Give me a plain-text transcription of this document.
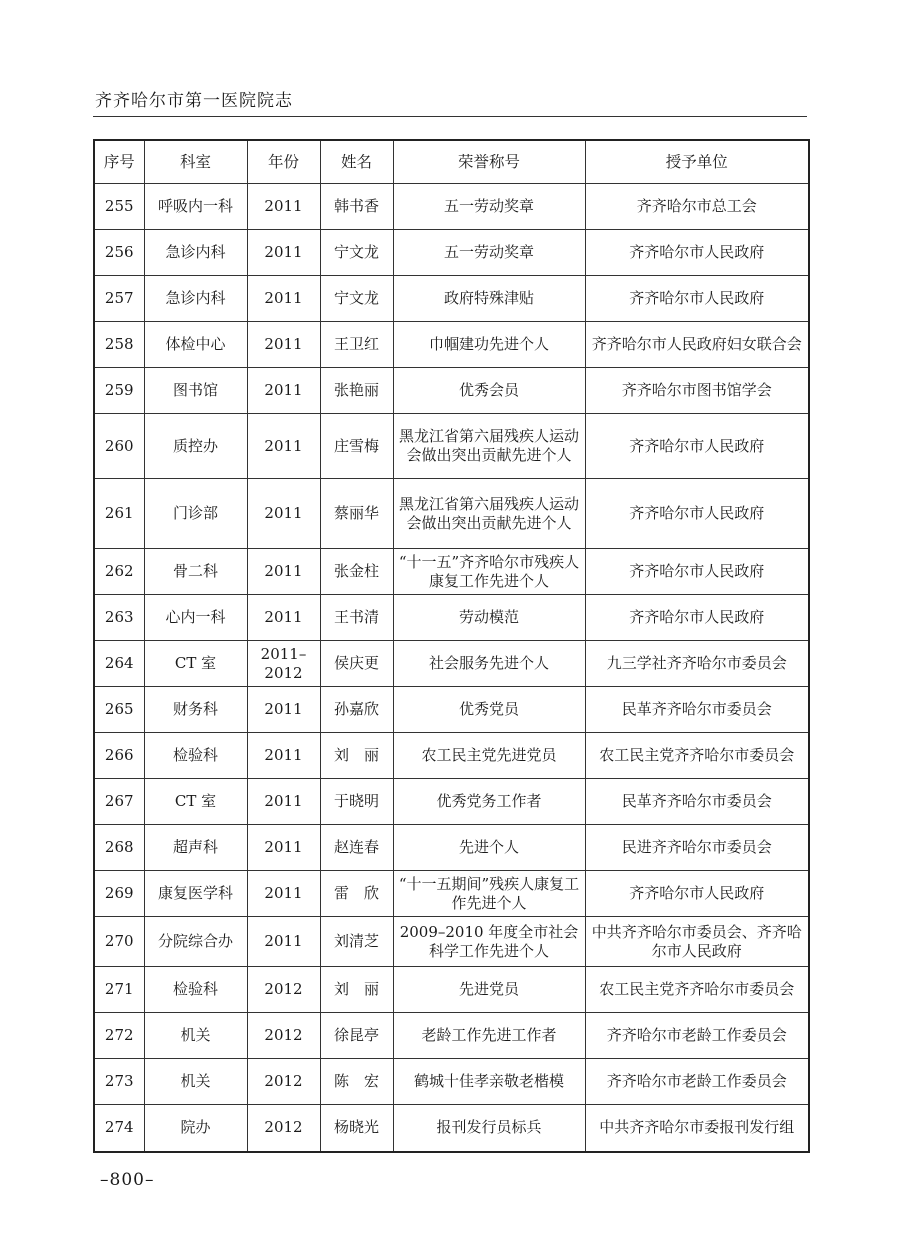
齐齐哈尔市第一医院院志
序号	科室	年份	姓名	荣誉称号	授予单位
255	呼吸内一科	2011	韩书香	五一劳动奖章	齐齐哈尔市总工会
256	急诊内科	2011	宁文龙	五一劳动奖章	齐齐哈尔市人民政府
257	急诊内科	2011	宁文龙	政府特殊津贴	齐齐哈尔市人民政府
258	体检中心	2011	王卫红	巾帼建功先进个人	齐齐哈尔市人民政府妇女联合会
259	图书馆	2011	张艳丽	优秀会员	齐齐哈尔市图书馆学会
260	质控办	2011	庄雪梅	黑龙江省第六届残疾人运动会做出突出贡献先进个人	齐齐哈尔市人民政府
261	门诊部	2011	蔡丽华	黑龙江省第六届残疾人运动会做出突出贡献先进个人	齐齐哈尔市人民政府
262	骨二科	2011	张金柱	“十一五”齐齐哈尔市残疾人康复工作先进个人	齐齐哈尔市人民政府
263	心内一科	2011	王书清	劳动模范	齐齐哈尔市人民政府
264	CT 室	2011–2012	侯庆更	社会服务先进个人	九三学社齐齐哈尔市委员会
265	财务科	2011	孙嘉欣	优秀党员	民革齐齐哈尔市委员会
266	检验科	2011	刘　丽	农工民主党先进党员	农工民主党齐齐哈尔市委员会
267	CT 室	2011	于晓明	优秀党务工作者	民革齐齐哈尔市委员会
268	超声科	2011	赵连春	先进个人	民进齐齐哈尔市委员会
269	康复医学科	2011	雷　欣	“十一五期间”残疾人康复工作先进个人	齐齐哈尔市人民政府
270	分院综合办	2011	刘清芝	2009–2010 年度全市社会科学工作先进个人	中共齐齐哈尔市委员会、齐齐哈尔市人民政府
271	检验科	2012	刘　丽	先进党员	农工民主党齐齐哈尔市委员会
272	机关	2012	徐昆亭	老龄工作先进工作者	齐齐哈尔市老龄工作委员会
273	机关	2012	陈　宏	鹤城十佳孝亲敬老楷模	齐齐哈尔市老龄工作委员会
274	院办	2012	杨晓光	报刊发行员标兵	中共齐齐哈尔市委报刊发行组
–800–
